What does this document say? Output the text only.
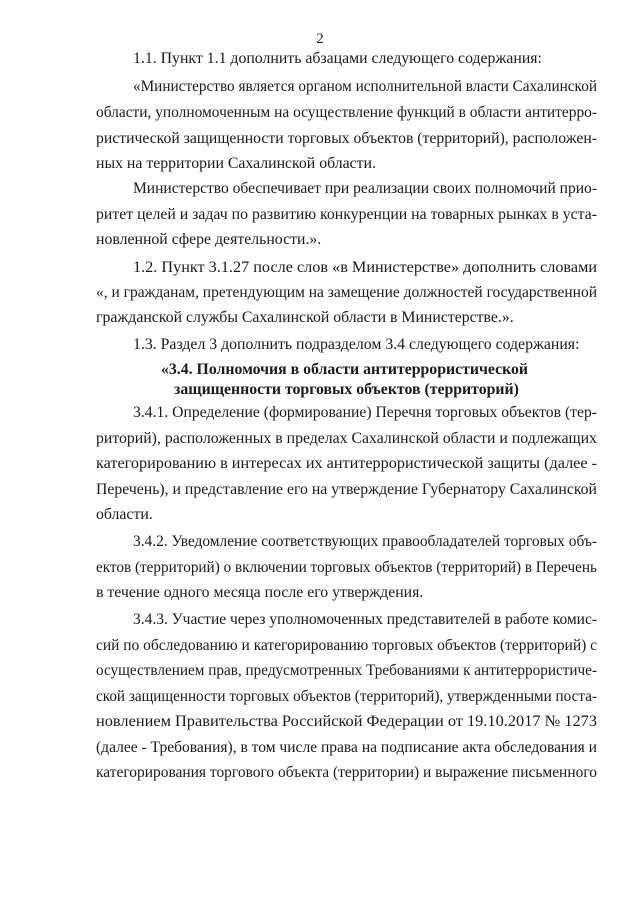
2
1.1. Пункт 1.1 дополнить абзацами следующего содержания:
«Министерство является органом исполнительной власти Сахалинской
области, уполномоченным на осуществление функций в области антитерро-
ристической защищенности торговых объектов (территорий), расположен-
ных на территории Сахалинской области.
Министерство обеспечивает при реализации своих полномочий прио-
ритет целей и задач по развитию конкуренции на товарных рынках в уста-
новленной сфере деятельности.».
1.2. Пункт 3.1.27 после слов «в Министерстве» дополнить словами
«, и гражданам, претендующим на замещение должностей государственной
гражданской службы Сахалинской области в Министерстве.».
1.3. Раздел 3 дополнить подразделом 3.4 следующего содержания:
«3.4. Полномочия в области антитеррористической
защищенности торговых объектов (территорий)
3.4.1. Определение (формирование) Перечня торговых объектов (тер-
риторий), расположенных в пределах Сахалинской области и подлежащих
категорированию в интересах их антитеррористической защиты (далее -
Перечень), и представление его на утверждение Губернатору Сахалинской
области.
3.4.2. Уведомление соответствующих правообладателей торговых объ-
ектов (территорий) о включении торговых объектов (территорий) в Перечень
в течение одного месяца после его утверждения.
3.4.3. Участие через уполномоченных представителей в работе комис-
сий по обследованию и категорированию торговых объектов (территорий) с
осуществлением прав, предусмотренных Требованиями к антитеррористиче-
ской защищенности торговых объектов (территорий), утвержденными поста-
новлением Правительства Российской Федерации от 19.10.2017 № 1273
(далее - Требования), в том числе права на подписание акта обследования и
категорирования торгового объекта (территории) и выражение письменного
